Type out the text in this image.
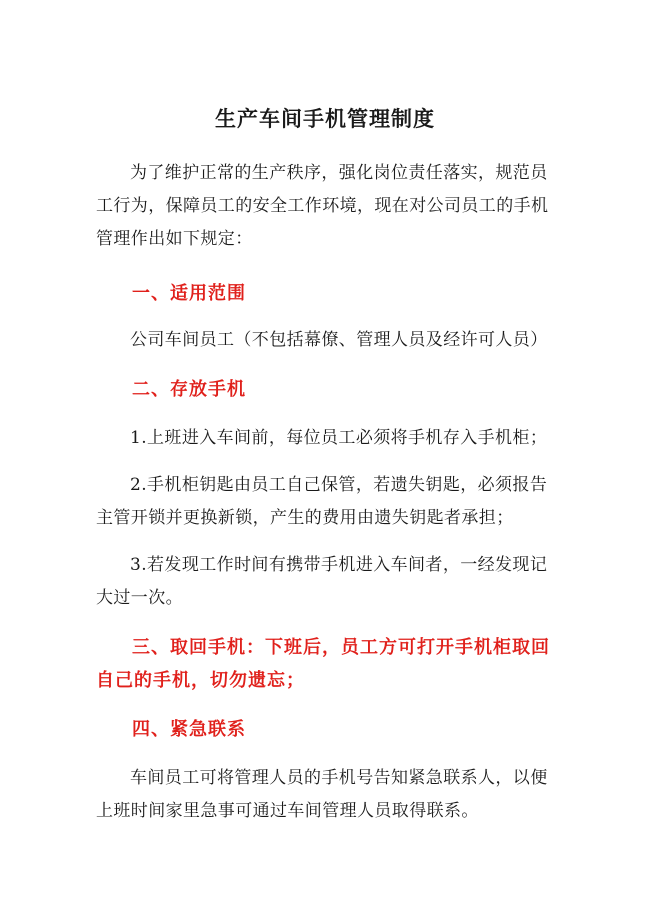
生产车间手机管理制度
为了维护正常的生产秩序，强化岗位责任落实，规范员工行为，保障员工的安全工作环境，现在对公司员工的手机管理作出如下规定：
一、适用范围
公司车间员工（不包括幕僚、管理人员及经许可人员）
二、存放手机
1.上班进入车间前，每位员工必须将手机存入手机柜；
2.手机柜钥匙由员工自己保管，若遗失钥匙，必须报告主管开锁并更换新锁，产生的费用由遗失钥匙者承担；
3.若发现工作时间有携带手机进入车间者，一经发现记大过一次。
三、取回手机：下班后，员工方可打开手机柜取回自己的手机，切勿遗忘；
四、紧急联系
车间员工可将管理人员的手机号告知紧急联系人，以便上班时间家里急事可通过车间管理人员取得联系。
